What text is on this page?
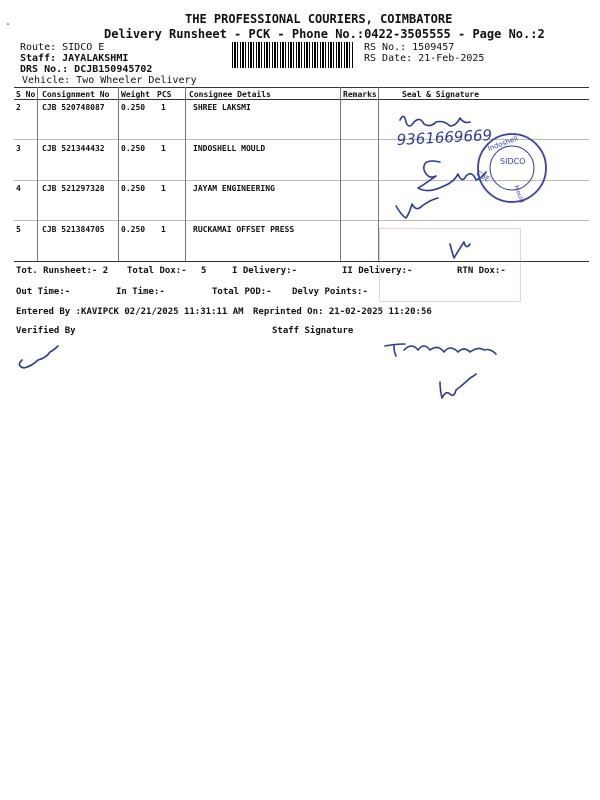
THE PROFESSIONAL COURIERS, COIMBATORE
Delivery Runsheet - PCK - Phone No.:0422-3505555 - Page No.:2
Route: SIDCO E
Staff: JAYALAKSHMI
DRS No.: DCJB150945702
Vehicle: Two Wheeler Delivery
RS No.: 1509457
RS Date: 21-Feb-2025
S No Consignment No Weight PCS Consignee Details	Remarks	Seal & Signature
2	CJB 520748087 0.250 1	SHREE LAKSMI
3	CJB 521344432 0.250 1	INDOSHELL MOULD
4	CJB 521297328 0.250 1	JAYAM ENGINEERING
5	CJB 521384705 0.250 1	RUCKAMAI OFFSET PRESS
Tot. Runsheet:- 2 Total Dox:- 5	I Delivery:-	II Delivery:-	RTN Dox:-
Out Time:-	In Time:-	Total POD:- Delvy Points:-
Entered By :KAVIPCK 02/21/2025 11:31:11 AM Reprinted On: 21-02-2025 11:20:56
Verified By	Staff Signature
9361669669
Indoshell
SIDCO
CBE
Mould
